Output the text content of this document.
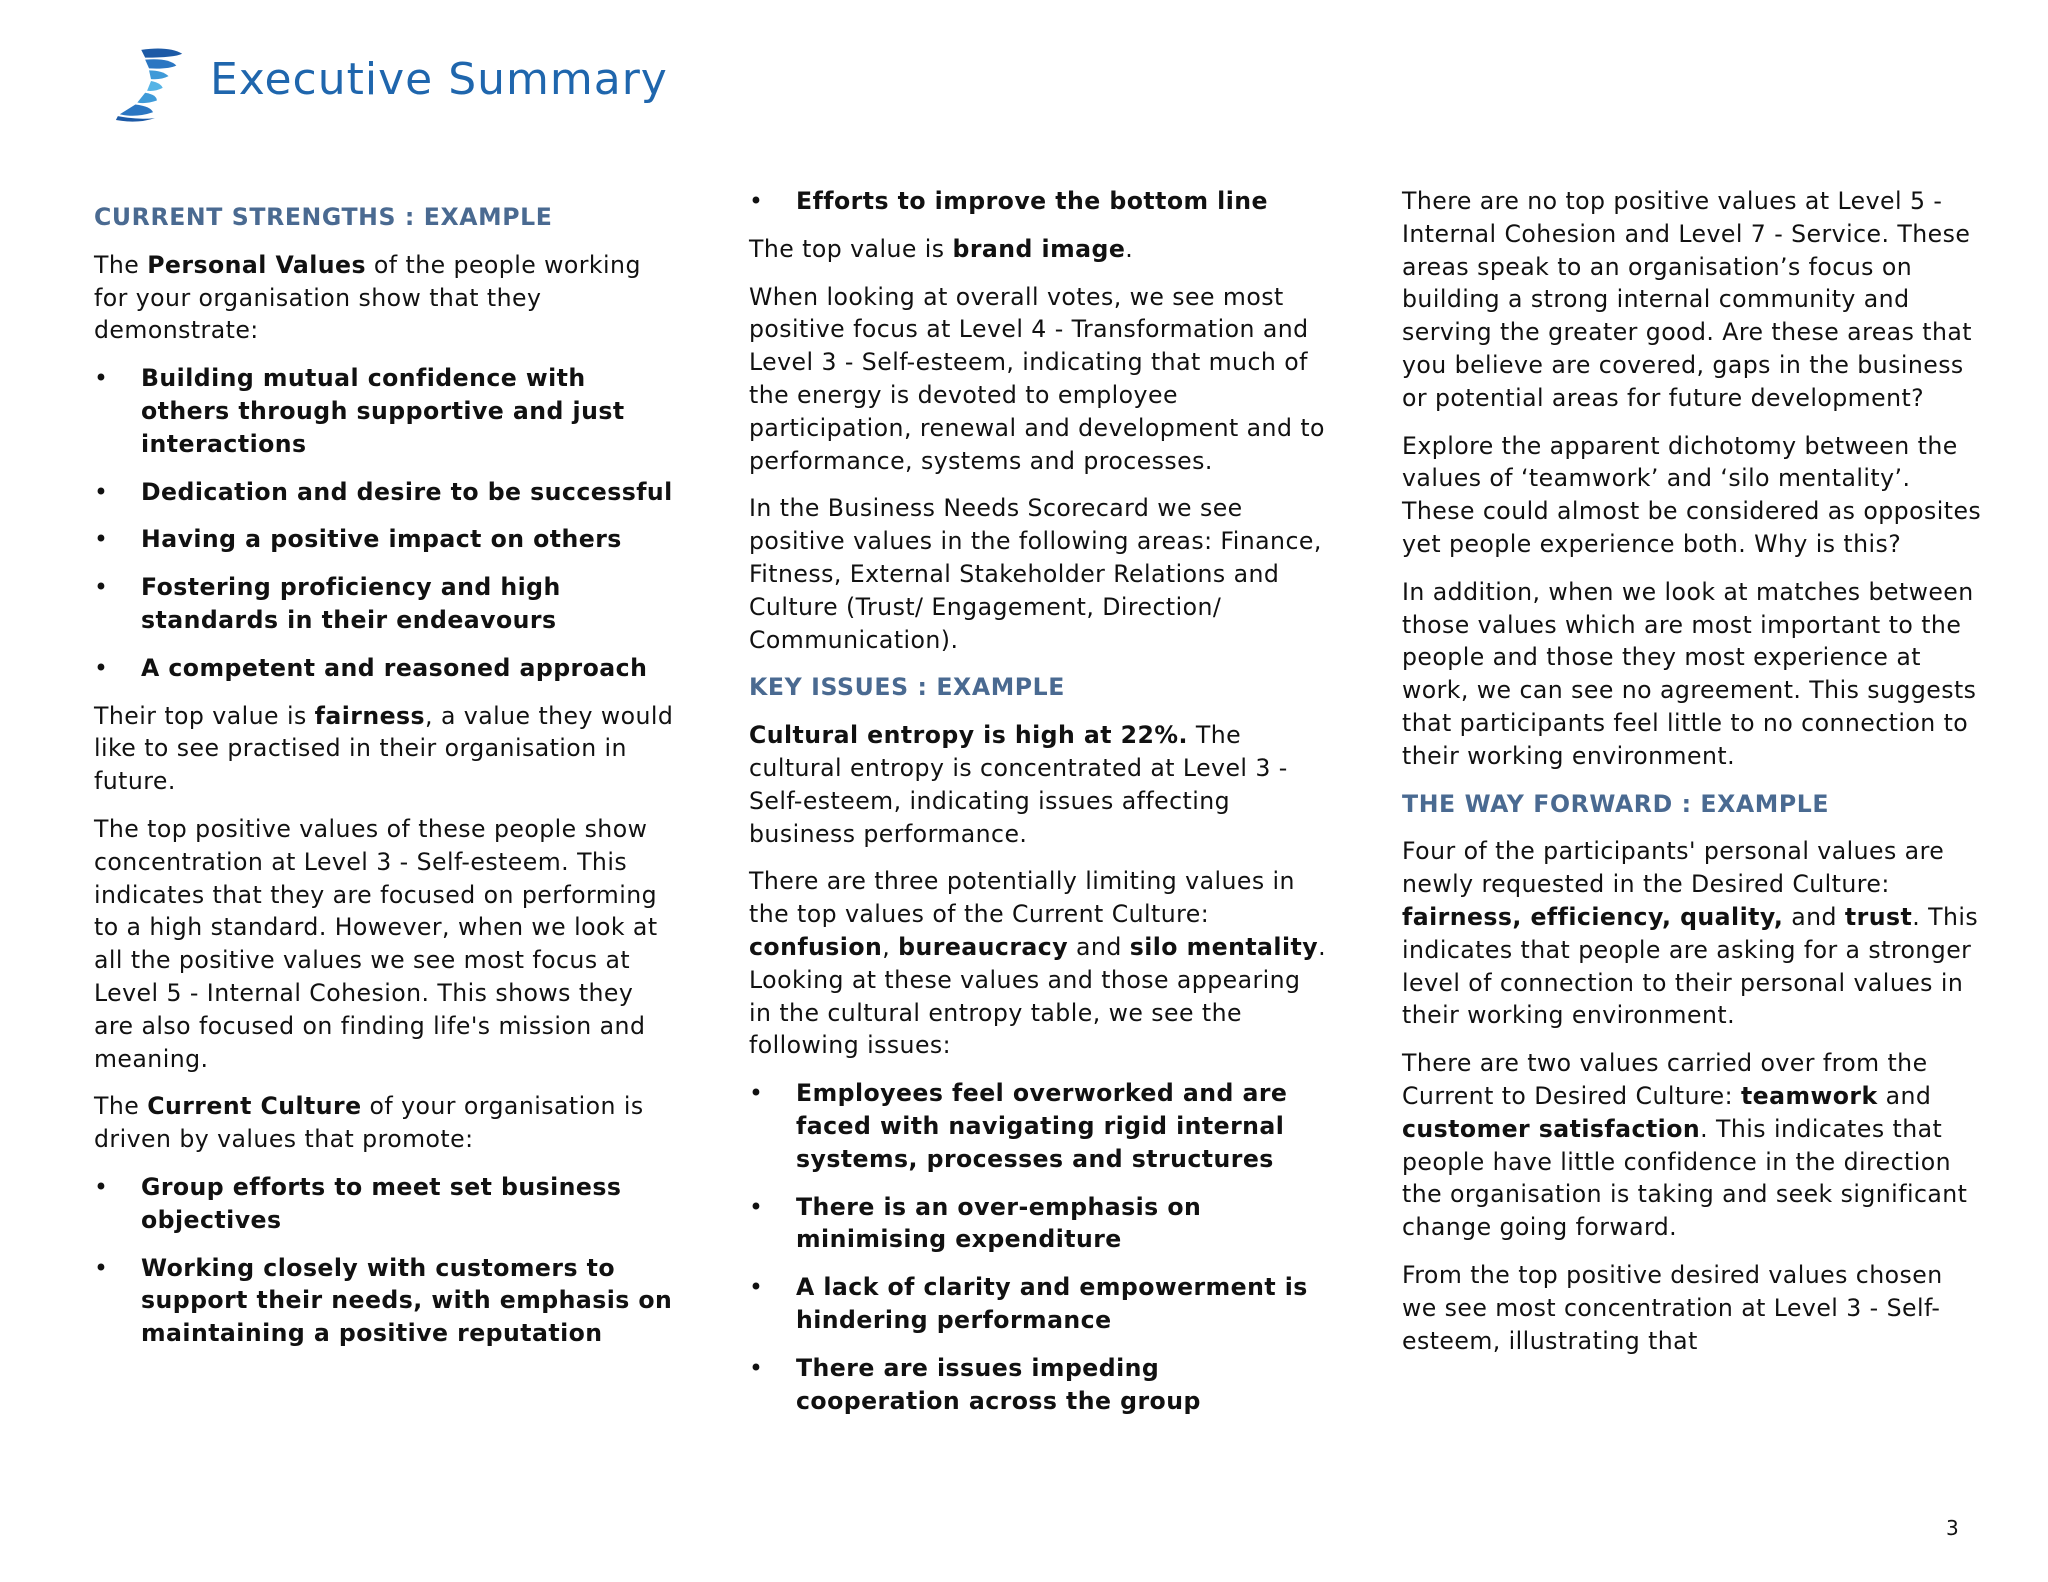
Executive Summary
CURRENT STRENGTHS : EXAMPLE

The Personal Values of the people working for your organisation show that they demonstrate:

• Building mutual confidence with others through supportive and just interactions
• Dedication and desire to be successful
• Having a positive impact on others
• Fostering proficiency and high standards in their endeavours
• A competent and reasoned approach

Their top value is fairness, a value they would like to see practised in their organisation in future.

The top positive values of these people show concentration at Level 3 - Self-esteem. This indicates that they are focused on performing to a high standard. However, when we look at all the positive values we see most focus at Level 5 - Internal Cohesion. This shows they are also focused on finding life's mission and meaning.

The Current Culture of your organisation is driven by values that promote:

• Group efforts to meet set business objectives
• Working closely with customers to support their needs, with emphasis on maintaining a positive reputation
• Efforts to improve the bottom line

The top value is brand image.

When looking at overall votes, we see most positive focus at Level 4 - Transformation and Level 3 - Self-esteem, indicating that much of the energy is devoted to employee participation, renewal and development and to performance, systems and processes.

In the Business Needs Scorecard we see positive values in the following areas: Finance, Fitness, External Stakeholder Relations and Culture (Trust/ Engagement, Direction/ Communication).

KEY ISSUES : EXAMPLE

Cultural entropy is high at 22%. The cultural entropy is concentrated at Level 3 - Self-esteem, indicating issues affecting business performance.

There are three potentially limiting values in the top values of the Current Culture: confusion, bureaucracy and silo mentality. Looking at these values and those appearing in the cultural entropy table, we see the following issues:

• Employees feel overworked and are faced with navigating rigid internal systems, processes and structures
• There is an over-emphasis on minimising expenditure
• A lack of clarity and empowerment is hindering performance
• There are issues impeding cooperation across the group

There are no top positive values at Level 5 - Internal Cohesion and Level 7 - Service. These areas speak to an organisation’s focus on building a strong internal community and serving the greater good. Are these areas that you believe are covered, gaps in the business or potential areas for future development?

Explore the apparent dichotomy between the values of ‘teamwork’ and ‘silo mentality’. These could almost be considered as opposites yet people experience both. Why is this?

In addition, when we look at matches between those values which are most important to the people and those they most experience at work, we can see no agreement. This suggests that participants feel little to no connection to their working environment.

THE WAY FORWARD : EXAMPLE

Four of the participants' personal values are newly requested in the Desired Culture: fairness, efficiency, quality, and trust. This indicates that people are asking for a stronger level of connection to their personal values in their working environment.

There are two values carried over from the Current to Desired Culture: teamwork and customer satisfaction. This indicates that people have little confidence in the direction the organisation is taking and seek significant change going forward.

From the top positive desired values chosen we see most concentration at Level 3 - Self-esteem, illustrating that

3
